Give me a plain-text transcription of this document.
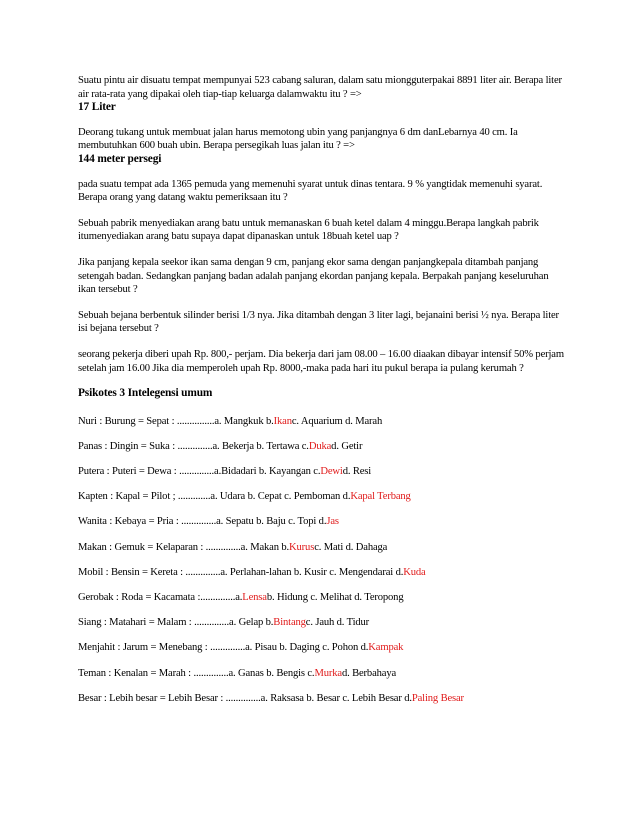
Suatu pintu air disuatu tempat mempunyai 523 cabang saluran, dalam satu miongguterpakai 8891 liter air. Berapa liter air rata-rata yang dipakai oleh tiap-tiap keluarga dalamwaktu itu ? =>

17 Liter

Deorang tukang untuk membuat jalan harus memotong ubin yang panjangnya 6 dm danLebarnya 40 cm. Ia membutuhkan 600 buah ubin. Berapa persegikah luas jalan itu ? =>

144 meter persegi

pada suatu tempat ada 1365 pemuda yang memenuhi syarat untuk dinas tentara. 9 % yangtidak memenuhi syarat. Berapa orang yang datang waktu pemeriksaan itu ?

Sebuah pabrik menyediakan arang batu untuk memanaskan 6 buah ketel dalam 4 minggu.Berapa langkah pabrik itumenyediakan arang batu supaya dapat dipanaskan untuk 18buah ketel uap ?

Jika panjang kepala seekor ikan sama dengan 9 cm, panjang ekor sama dengan panjangkepala ditambah panjang setengah badan. Sedangkan panjang badan adalah panjang ekordan panjang kepala. Berpakah panjang keseluruhan ikan tersebut ?

Sebuah bejana berbentuk silinder berisi 1/3 nya. Jika ditambah dengan 3 liter lagi, bejanaini berisi ½ nya. Berapa liter isi bejana tersebut ?

seorang pekerja diberi upah Rp. 800,- perjam. Dia bekerja dari jam 08.00 – 16.00 diaakan dibayar intensif 50% perjam setelah jam 16.00 Jika dia memperoleh upah Rp. 8000,-maka pada hari itu pukul berapa ia pulang kerumah ?

Psikotes 3 Intelegensi umum

Nuri : Burung = Sepat : ...............a. Mangkuk b.Ikanc. Aquarium d. Marah

Panas : Dingin = Suka : ..............a. Bekerja b. Tertawa c.Dukad. Getir

Putera : Puteri = Dewa : ..............a.Bidadari b. Kayangan c.Dewid. Resi

Kapten : Kapal = Pilot ; .............a. Udara b. Cepat c. Pemboman d.Kapal Terbang

Wanita : Kebaya = Pria : ..............a. Sepatu b. Baju c. Topi d.Jas

Makan : Gemuk = Kelaparan : ..............a. Makan b.Kurusc. Mati d. Dahaga

Mobil : Bensin = Kereta : ..............a. Perlahan-lahan b. Kusir c. Mengendarai d.Kuda

Gerobak : Roda = Kacamata :..............a.Lensab. Hidung c. Melihat d. Teropong

Siang : Matahari = Malam : ..............a. Gelap b.Bintangc. Jauh d. Tidur

Menjahit : Jarum = Menebang : ..............a. Pisau b. Daging c. Pohon d.Kampak

Teman : Kenalan = Marah : ..............a. Ganas b. Bengis c.Murkad. Berbahaya

Besar : Lebih besar = Lebih Besar : ..............a. Raksasa b. Besar c. Lebih Besar d.Paling Besar
